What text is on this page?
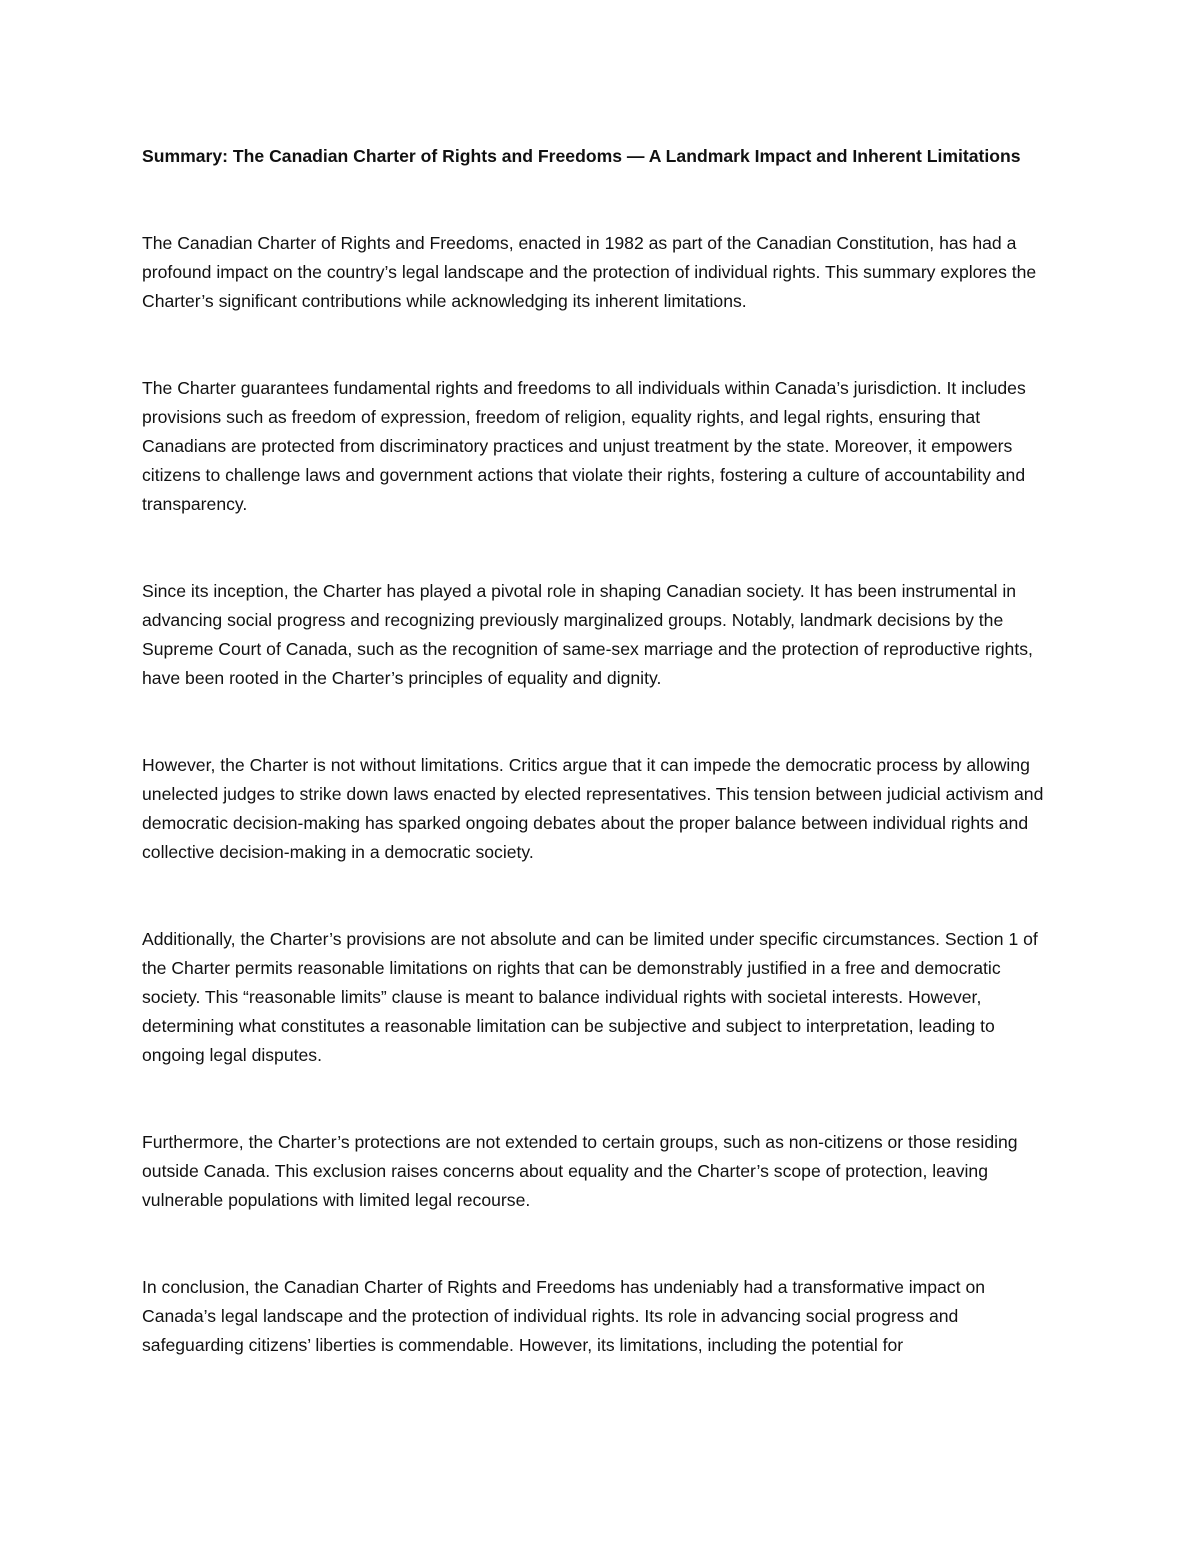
Summary: The Canadian Charter of Rights and Freedoms — A Landmark Impact and Inherent Limitations

The Canadian Charter of Rights and Freedoms, enacted in 1982 as part of the Canadian Constitution, has had a profound impact on the country’s legal landscape and the protection of individual rights. This summary explores the Charter’s significant contributions while acknowledging its inherent limitations.

The Charter guarantees fundamental rights and freedoms to all individuals within Canada’s jurisdiction. It includes provisions such as freedom of expression, freedom of religion, equality rights, and legal rights, ensuring that Canadians are protected from discriminatory practices and unjust treatment by the state. Moreover, it empowers citizens to challenge laws and government actions that violate their rights, fostering a culture of accountability and transparency.

Since its inception, the Charter has played a pivotal role in shaping Canadian society. It has been instrumental in advancing social progress and recognizing previously marginalized groups. Notably, landmark decisions by the Supreme Court of Canada, such as the recognition of same-sex marriage and the protection of reproductive rights, have been rooted in the Charter’s principles of equality and dignity.

However, the Charter is not without limitations. Critics argue that it can impede the democratic process by allowing unelected judges to strike down laws enacted by elected representatives. This tension between judicial activism and democratic decision-making has sparked ongoing debates about the proper balance between individual rights and collective decision-making in a democratic society.

Additionally, the Charter’s provisions are not absolute and can be limited under specific circumstances. Section 1 of the Charter permits reasonable limitations on rights that can be demonstrably justified in a free and democratic society. This “reasonable limits” clause is meant to balance individual rights with societal interests. However, determining what constitutes a reasonable limitation can be subjective and subject to interpretation, leading to ongoing legal disputes.

Furthermore, the Charter’s protections are not extended to certain groups, such as non-citizens or those residing outside Canada. This exclusion raises concerns about equality and the Charter’s scope of protection, leaving vulnerable populations with limited legal recourse.

In conclusion, the Canadian Charter of Rights and Freedoms has undeniably had a transformative impact on Canada’s legal landscape and the protection of individual rights. Its role in advancing social progress and safeguarding citizens’ liberties is commendable. However, its limitations, including the potential for
